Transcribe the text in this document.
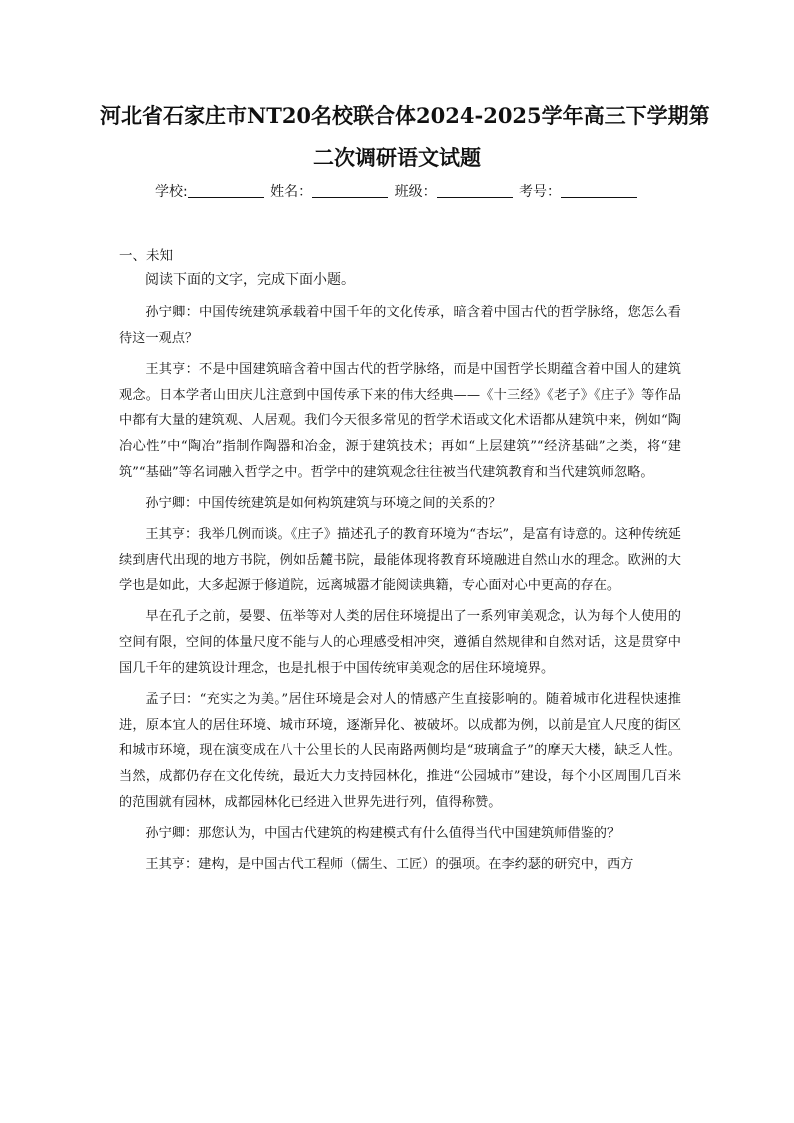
河北省石家庄市NT20名校联合体2024-2025学年高三下学期第
二次调研语文试题
学校:	姓名：	班级：	考号：
一、未知
阅读下面的文字，完成下面小题。

孙宁卿：中国传统建筑承载着中国千年的文化传承，暗含着中国古代的哲学脉络，您怎么看待这一观点？

王其亨：不是中国建筑暗含着中国古代的哲学脉络，而是中国哲学长期蕴含着中国人的建筑观念。日本学者山田庆儿注意到中国传承下来的伟大经典——《十三经》《老子》《庄子》等作品中都有大量的建筑观、人居观。我们今天很多常见的哲学术语或文化术语都从建筑中来，例如“陶冶心性”中“陶冶”指制作陶器和冶金，源于建筑技术；再如“上层建筑”“经济基础”之类，将“建筑”“基础”等名词融入哲学之中。哲学中的建筑观念往往被当代建筑教育和当代建筑师忽略。

孙宁卿：中国传统建筑是如何构筑建筑与环境之间的关系的？

王其亨：我举几例而谈。《庄子》描述孔子的教育环境为“杏坛”，是富有诗意的。这种传统延续到唐代出现的地方书院，例如岳麓书院，最能体现将教育环境融进自然山水的理念。欧洲的大学也是如此，大多起源于修道院，远离城嚣才能阅读典籍，专心面对心中更高的存在。

早在孔子之前，晏婴、伍举等对人类的居住环境提出了一系列审美观念，认为每个人使用的空间有限，空间的体量尺度不能与人的心理感受相冲突，遵循自然规律和自然对话，这是贯穿中国几千年的建筑设计理念，也是扎根于中国传统审美观念的居住环境境界。

孟子曰：“充实之为美。”居住环境是会对人的情感产生直接影响的。随着城市化进程快速推进，原本宜人的居住环境、城市环境，逐渐异化、被破坏。以成都为例，以前是宜人尺度的街区和城市环境，现在演变成在八十公里长的人民南路两侧均是“玻璃盒子”的摩天大楼，缺乏人性。当然，成都仍存在文化传统，最近大力支持园林化，推进“公园城市”建设，每个小区周围几百米的范围就有园林，成都园林化已经进入世界先进行列，值得称赞。

孙宁卿：那您认为，中国古代建筑的构建模式有什么值得当代中国建筑师借鉴的？

王其亨：建构，是中国古代工程师（儒生、工匠）的强项。在李约瑟的研究中，西方
